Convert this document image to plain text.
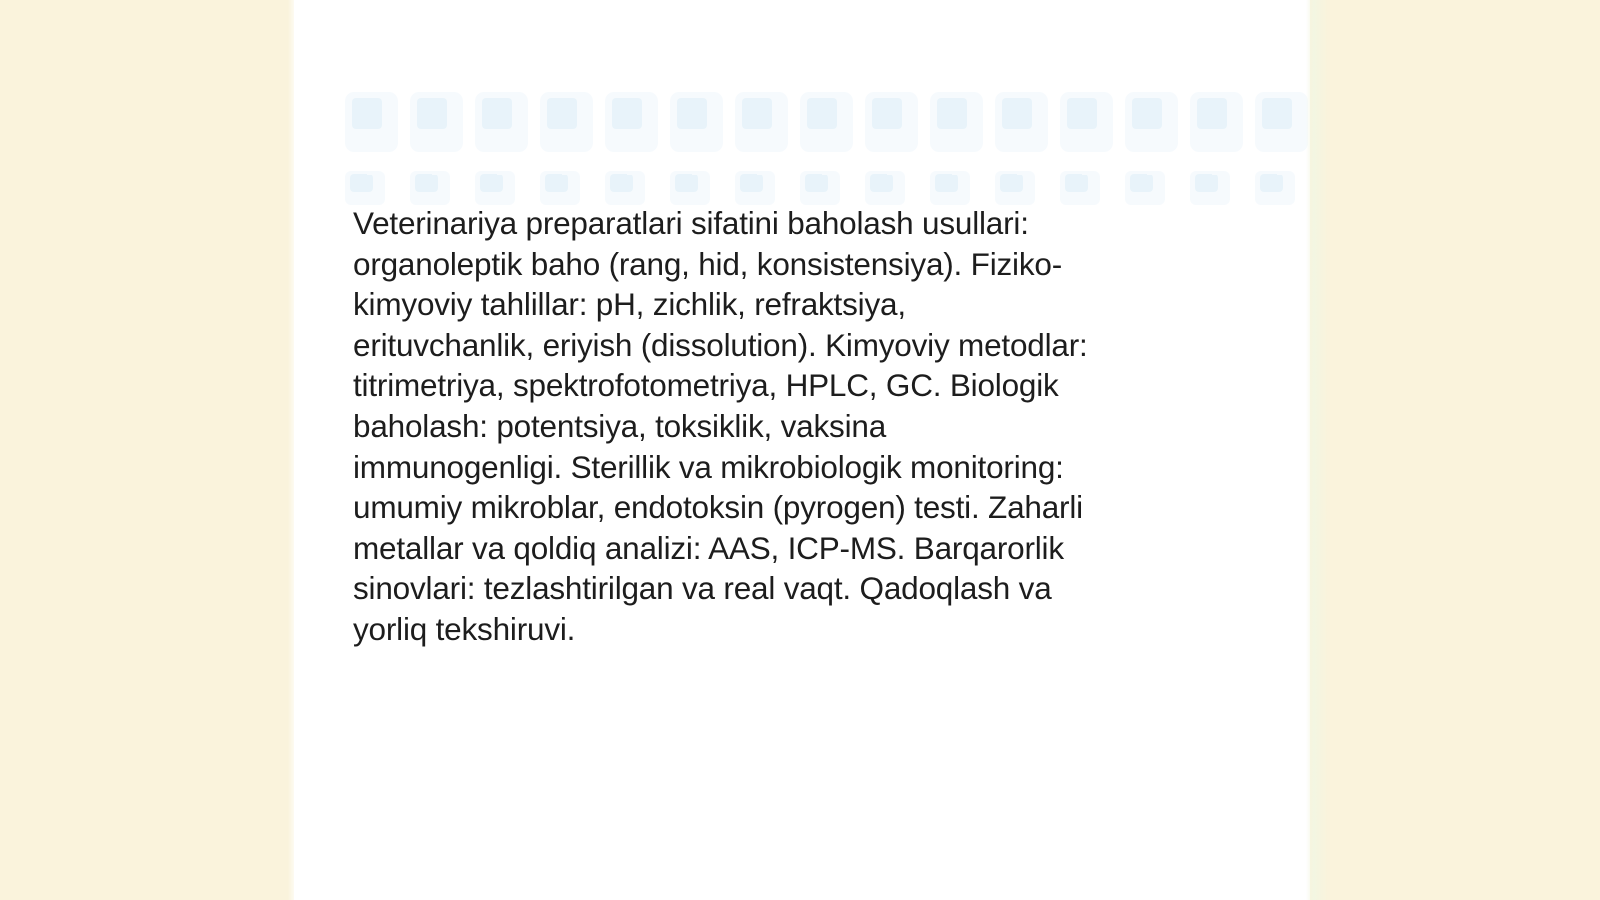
Veterinariya preparatlari sifatini baholash usullari:
organoleptik baho (rang, hid, konsistensiya). Fiziko-
kimyoviy tahlillar: pH, zichlik, refraktsiya,
erituvchanlik, eriyish (dissolution). Kimyoviy metodlar:
titrimetriya, spektrofotometriya, HPLC, GC. Biologik
baholash: potentsiya, toksiklik, vaksina
immunogenligi. Sterillik va mikrobiologik monitoring:
umumiy mikroblar, endotoksin (pyrogen) testi. Zaharli
metallar va qoldiq analizi: AAS, ICP-MS. Barqarorlik
sinovlari: tezlashtirilgan va real vaqt. Qadoqlash va
yorliq tekshiruvi.
